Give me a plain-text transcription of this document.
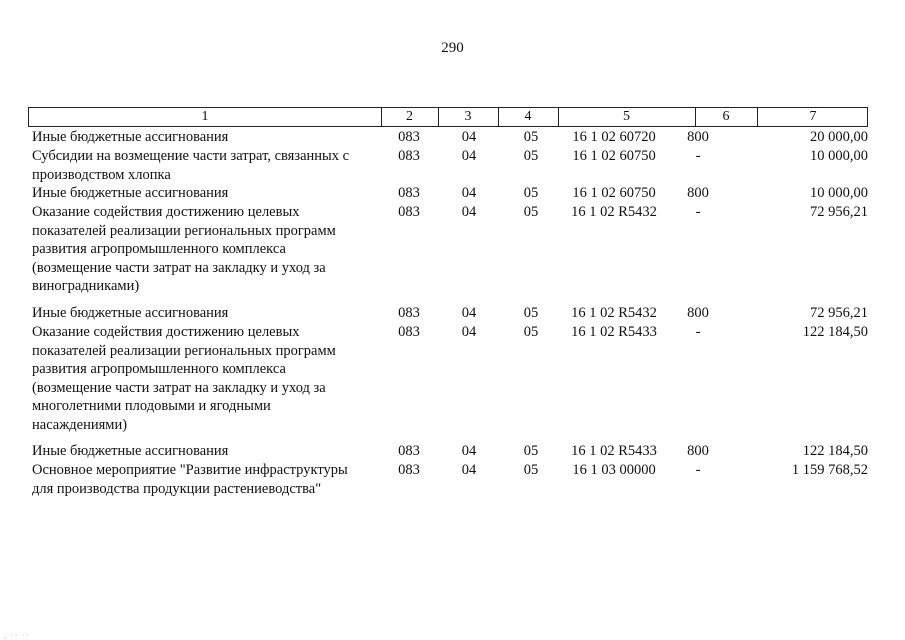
290
1	2	3	4	5	6	7
Иные бюджетные ассигнования	083	04	05	16 1 02 60720	800	20 000,00
Субсидии на возмещение части затрат, связанных с
производством хлопка
083	04	05	16 1 02 60750	-	10 000,00
Иные бюджетные ассигнования	083	04	05	16 1 02 60750	800	10 000,00
Оказание содействия достижению целевых
показателей реализации региональных программ
развития агропромышленного комплекса
(возмещение части затрат на закладку и уход за
виноградниками)
083	04	05	16 1 02 R5432	-	72 956,21
Иные бюджетные ассигнования	083	04	05	16 1 02 R5432	800	72 956,21
Оказание содействия достижению целевых
показателей реализации региональных программ
развития агропромышленного комплекса
(возмещение части затрат на закладку и уход за
многолетними плодовыми и ягодными
насаждениями)
083	04	05	16 1 02 R5433	-	122 184,50
Иные бюджетные ассигнования	083	04	05	16 1 02 R5433	800	122 184,50
Основное мероприятие "Развитие инфраструктуры
для производства продукции растениеводства"
083	04	05	16 1 03 00000	-	1 159 768,52
, ·· ··
